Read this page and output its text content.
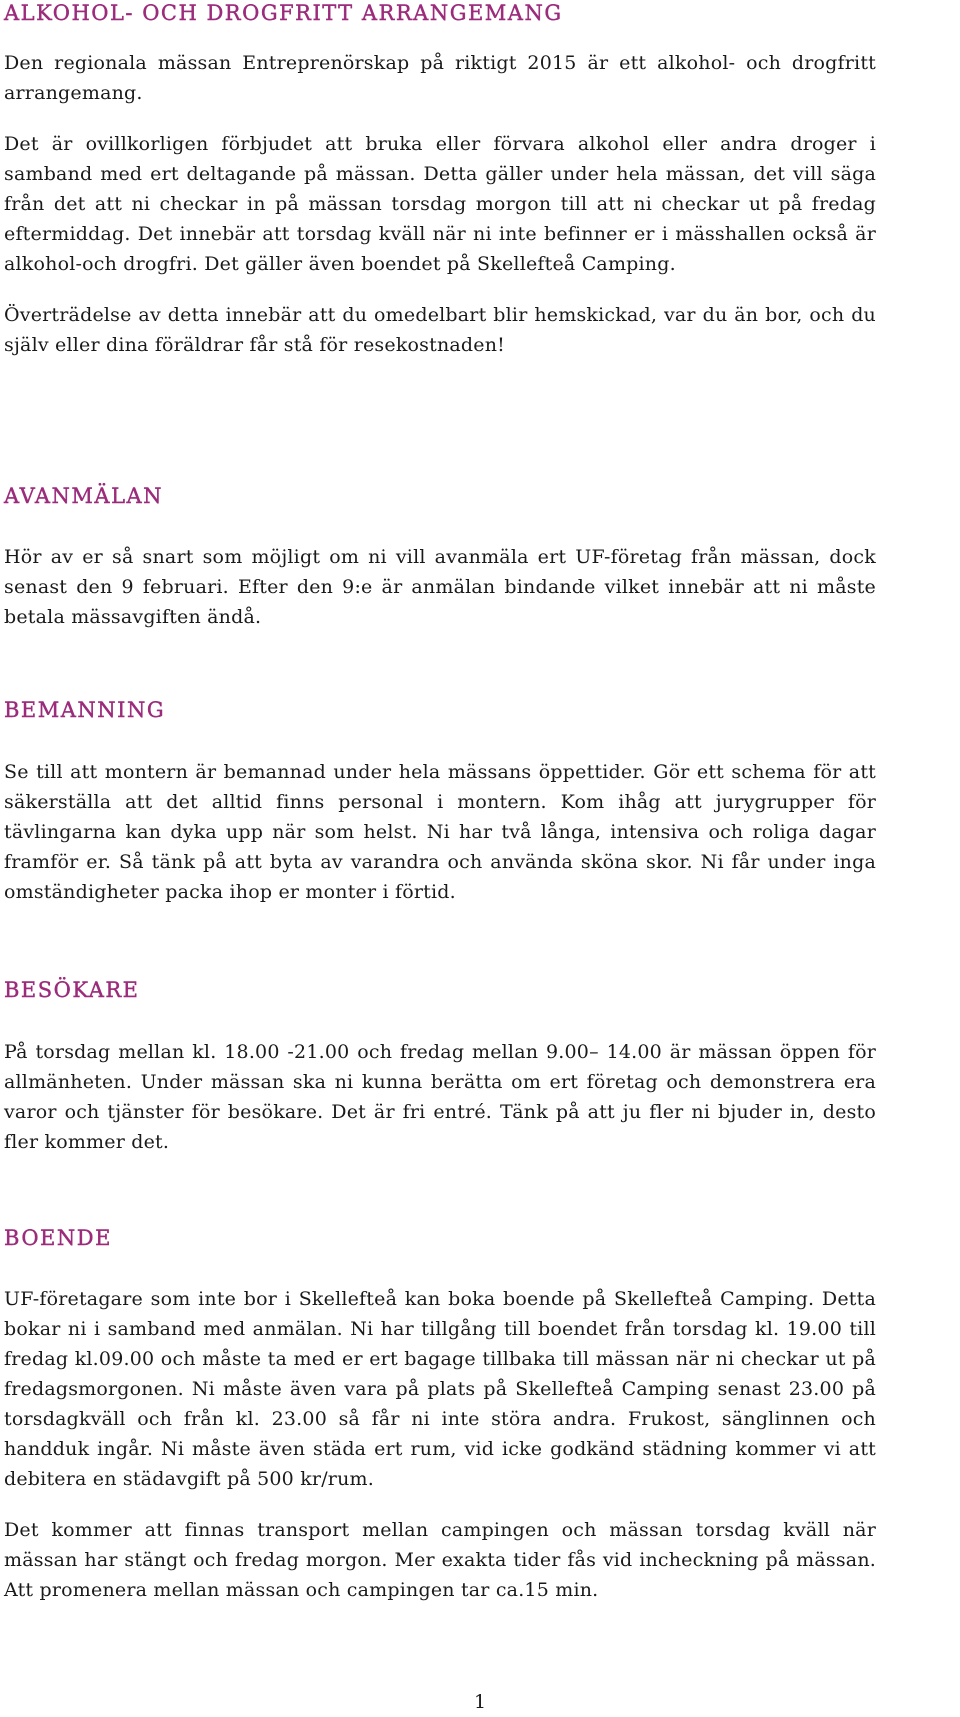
ALKOHOL- OCH DROGFRITT ARRANGEMANG

Den regionala mässan Entreprenörskap på riktigt 2015 är ett alkohol- och drogfritt arrangemang.

Det är ovillkorligen förbjudet att bruka eller förvara alkohol eller andra droger i samband med ert deltagande på mässan. Detta gäller under hela mässan, det vill säga från det att ni checkar in på mässan torsdag morgon till att ni checkar ut på fredag eftermiddag. Det innebär att torsdag kväll när ni inte befinner er i mässhallen också är alkohol-och drogfri. Det gäller även boendet på Skellefteå Camping.

Överträdelse av detta innebär att du omedelbart blir hemskickad, var du än bor, och du själv eller dina föräldrar får stå för resekostnaden!

AVANMÄLAN

Hör av er så snart som möjligt om ni vill avanmäla ert UF-företag från mässan, dock senast den 9 februari. Efter den 9:e är anmälan bindande vilket innebär att ni måste betala mässavgiften ändå.

BEMANNING

Se till att montern är bemannad under hela mässans öppettider. Gör ett schema för att säkerställa att det alltid finns personal i montern. Kom ihåg att jurygrupper för tävlingarna kan dyka upp när som helst. Ni har två långa, intensiva och roliga dagar framför er. Så tänk på att byta av varandra och använda sköna skor. Ni får under inga omständigheter packa ihop er monter i förtid.

BESÖKARE

På torsdag mellan kl. 18.00 -21.00 och fredag mellan 9.00– 14.00 är mässan öppen för allmänheten. Under mässan ska ni kunna berätta om ert företag och demonstrera era varor och tjänster för besökare. Det är fri entré. Tänk på att ju fler ni bjuder in, desto fler kommer det.

BOENDE

UF-företagare som inte bor i Skellefteå kan boka boende på Skellefteå Camping. Detta bokar ni i samband med anmälan. Ni har tillgång till boendet från torsdag kl. 19.00 till fredag kl.09.00 och måste ta med er ert bagage tillbaka till mässan när ni checkar ut på fredagsmorgonen. Ni måste även vara på plats på Skellefteå Camping senast 23.00 på torsdagkväll och från kl. 23.00 så får ni inte störa andra. Frukost, sänglinnen och handduk ingår. Ni måste även städa ert rum, vid icke godkänd städning kommer vi att debitera en städavgift på 500 kr/rum.

Det kommer att finnas transport mellan campingen och mässan torsdag kväll när mässan har stängt och fredag morgon. Mer exakta tider fås vid incheckning på mässan. Att promenera mellan mässan och campingen tar ca.15 min.

1
